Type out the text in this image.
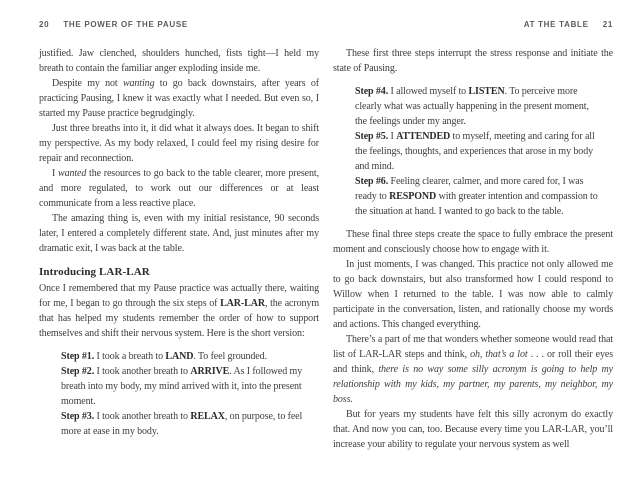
20 THE POWER OF THE PAUSE

justified. Jaw clenched, shoulders hunched, fists tight—I held my breath to contain the familiar anger exploding inside me.

Despite my not wanting to go back downstairs, after years of practicing Pausing, I knew it was exactly what I needed. But even so, I started my Pause practice begrudgingly.

Just three breaths into it, it did what it always does. It began to shift my perspective. As my body relaxed, I could feel my rising desire for repair and reconnection.

I wanted the resources to go back to the table clearer, more present, and more regulated, to work out our differences or at least communicate from a less reactive place.

The amazing thing is, even with my initial resistance, 90 seconds later, I entered a completely different state. And, just minutes after my dramatic exit, I was back at the table.

Introducing LAR-LAR

Once I remembered that my Pause practice was actually there, waiting for me, I began to go through the six steps of LAR-LAR, the acronym that has helped my students remember the order of how to support themselves and shift their nervous system. Here is the short version:

Step #1. I took a breath to LAND. To feel grounded.

Step #2. I took another breath to ARRIVE. As I followed my breath into my body, my mind arrived with it, into the present moment.

Step #3. I took another breath to RELAX, on purpose, to feel more at ease in my body.

AT THE TABLE 21

These first three steps interrupt the stress response and initiate the state of Pausing.

Step #4. I allowed myself to LISTEN. To perceive more clearly what was actually happening in the present moment, the feelings under my anger.

Step #5. I ATTENDED to myself, meeting and caring for all the feelings, thoughts, and experiences that arose in my body and mind.

Step #6. Feeling clearer, calmer, and more cared for, I was ready to RESPOND with greater intention and compassion to the situation at hand. I wanted to go back to the table.

These final three steps create the space to fully embrace the present moment and consciously choose how to engage with it.

In just moments, I was changed. This practice not only allowed me to go back downstairs, but also transformed how I could respond to Willow when I returned to the table. I was now able to calmly participate in the conversation, listen, and rationally choose my words and actions. This changed everything.

There’s a part of me that wonders whether someone would read that list of LAR-LAR steps and think, oh, that’s a lot . . . or roll their eyes and think, there is no way some silly acronym is going to help my relationship with my kids, my partner, my parents, my neighbor, my boss.

But for years my students have felt this silly acronym do exactly that. And now you can, too. Because every time you LAR-LAR, you’ll increase your ability to regulate your nervous system as well
